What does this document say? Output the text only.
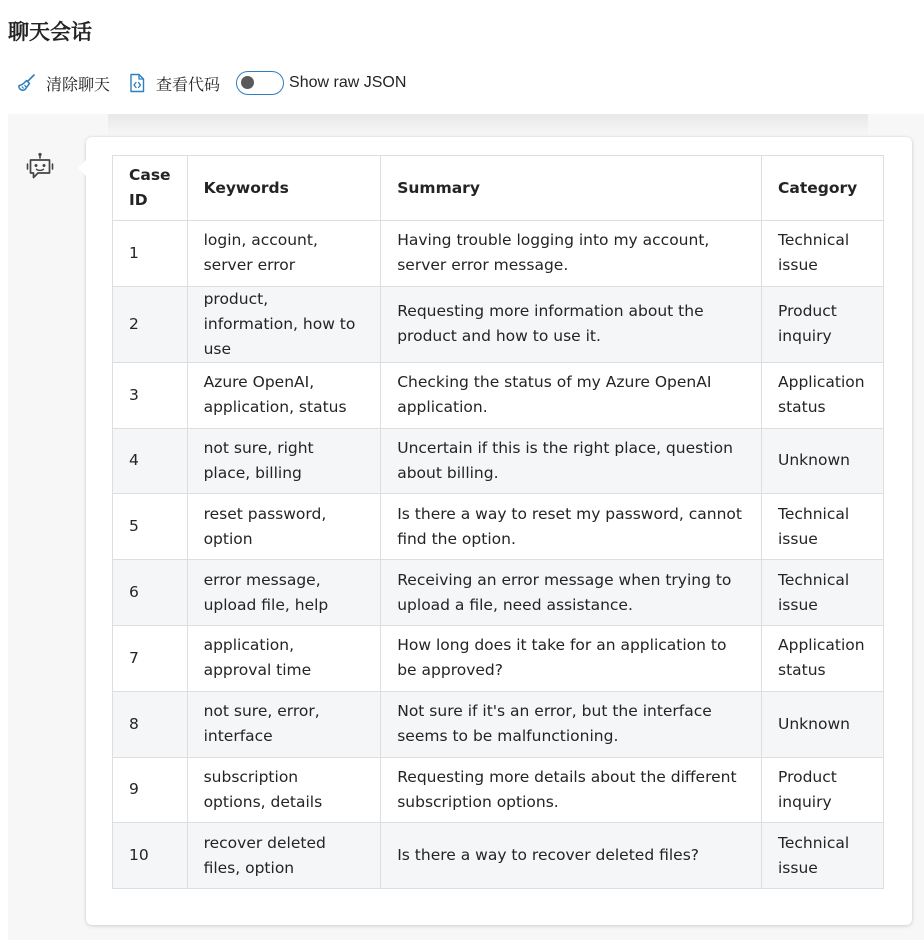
聊天会话
清除聊天	查看代码	Show raw JSON
Case ID	Keywords	Summary	Category
1	login, account, server error	Having trouble logging into my account, server error message.	Technical issue
2	product, information, how to use	Requesting more information about the product and how to use it.	Product inquiry
3	Azure OpenAI, application, status	Checking the status of my Azure OpenAI application.	Application status
4	not sure, right place, billing	Uncertain if this is the right place, question about billing.	Unknown
5	reset password, option	Is there a way to reset my password, cannot find the option.	Technical issue
6	error message, upload file, help	Receiving an error message when trying to upload a file, need assistance.	Technical issue
7	application, approval time	How long does it take for an application to be approved?	Application status
8	not sure, error, interface	Not sure if it's an error, but the interface seems to be malfunctioning.	Unknown
9	subscription options, details	Requesting more details about the different subscription options.	Product inquiry
10	recover deleted files, option	Is there a way to recover deleted files?	Technical issue
